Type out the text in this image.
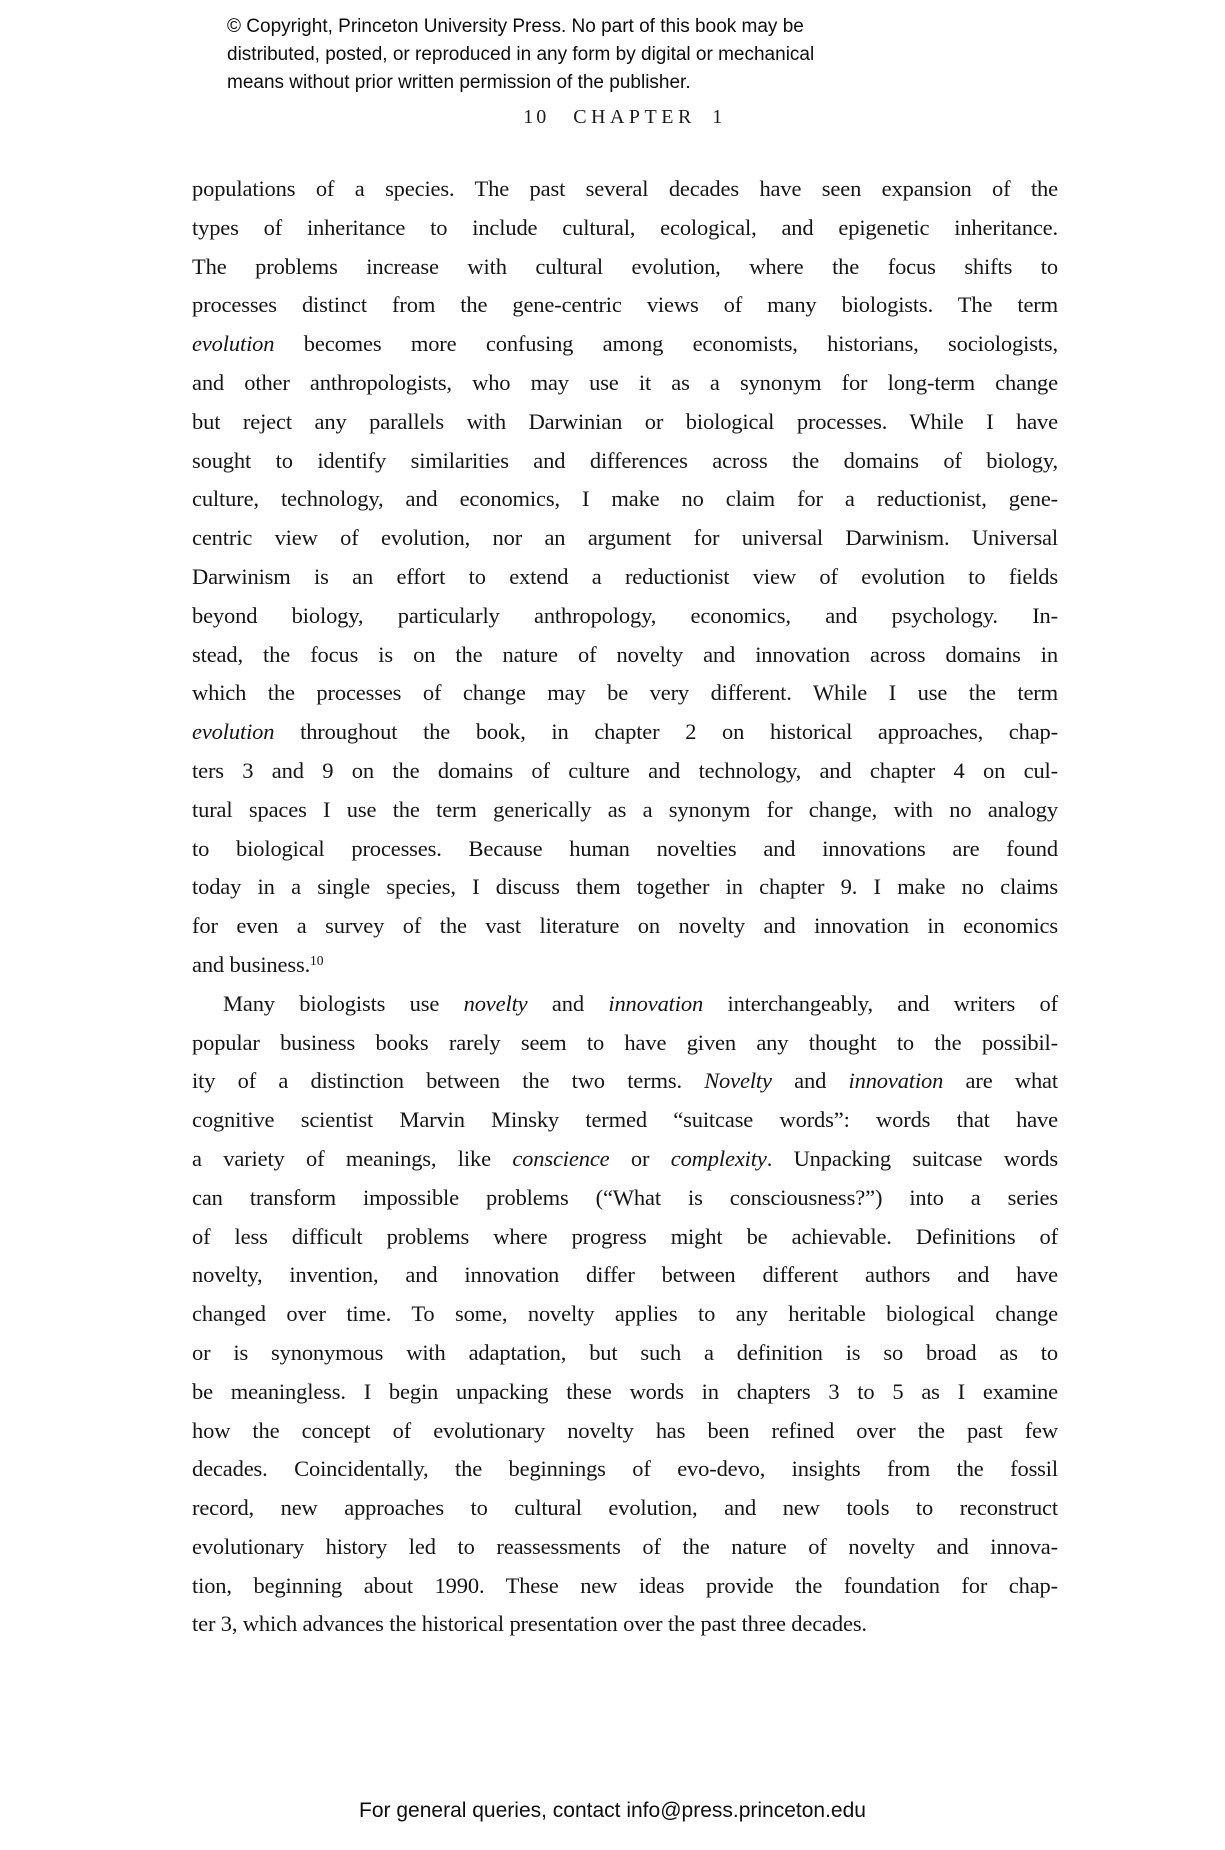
© Copyright, Princeton University Press. No part of this book may be
distributed, posted, or reproduced in any form by digital or mechanical
means without prior written permission of the publisher.
10 CHAPTER 1
populations of a species. The past several decades have seen expansion of the
types of inheritance to include cultural, ecological, and epigenetic inheritance.
The problems increase with cultural evolution, where the focus shifts to
processes distinct from the gene-centric views of many biologists. The term
evolution becomes more confusing among economists, historians, sociologists,
and other anthropologists, who may use it as a synonym for long-term change
but reject any parallels with Darwinian or biological processes. While I have
sought to identify similarities and differences across the domains of biology,
culture, technology, and economics, I make no claim for a reductionist, gene-
centric view of evolution, nor an argument for universal Darwinism. Universal
Darwinism is an effort to extend a reductionist view of evolution to fields
beyond biology, particularly anthropology, economics, and psychology. In-
stead, the focus is on the nature of novelty and innovation across domains in
which the processes of change may be very different. While I use the term
evolution throughout the book, in chapter 2 on historical approaches, chap-
ters 3 and 9 on the domains of culture and technology, and chapter 4 on cul-
tural spaces I use the term generically as a synonym for change, with no analogy
to biological processes. Because human novelties and innovations are found
today in a single species, I discuss them together in chapter 9. I make no claims
for even a survey of the vast literature on novelty and innovation in economics
and business.$^{10}$
Many biologists use novelty and innovation interchangeably, and writers of
popular business books rarely seem to have given any thought to the possibil-
ity of a distinction between the two terms. Novelty and innovation are what
cognitive scientist Marvin Minsky termed “suitcase words”: words that have
a variety of meanings, like conscience or complexity. Unpacking suitcase words
can transform impossible problems (“What is consciousness?”) into a series
of less difficult problems where progress might be achievable. Definitions of
novelty, invention, and innovation differ between different authors and have
changed over time. To some, novelty applies to any heritable biological change
or is synonymous with adaptation, but such a definition is so broad as to
be meaningless. I begin unpacking these words in chapters 3 to 5 as I examine
how the concept of evolutionary novelty has been refined over the past few
decades. Coincidentally, the beginnings of evo-devo, insights from the fossil
record, new approaches to cultural evolution, and new tools to reconstruct
evolutionary history led to reassessments of the nature of novelty and innova-
tion, beginning about 1990. These new ideas provide the foundation for chap-
ter 3, which advances the historical presentation over the past three decades.
For general queries, contact info@press.princeton.edu
